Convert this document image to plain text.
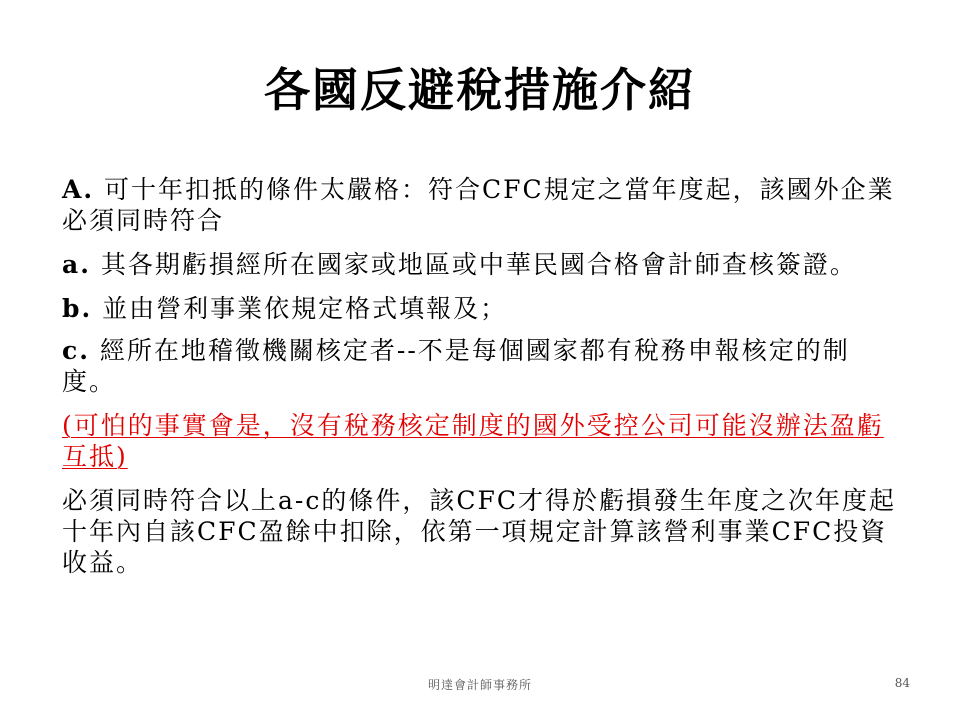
各國反避稅措施介紹

A. 可十年扣抵的條件太嚴格：符合CFC規定之當年度起，該國外企業必須同時符合

a. 其各期虧損經所在國家或地區或中華民國合格會計師查核簽證。

b. 並由營利事業依規定格式填報及；

c. 經所在地稽徵機關核定者--不是每個國家都有稅務申報核定的制度。

(可怕的事實會是，沒有稅務核定制度的國外受控公司可能沒辦法盈虧互抵)

必須同時符合以上a-c的條件，該CFC才得於虧損發生年度之次年度起十年內自該CFC盈餘中扣除，依第一項規定計算該營利事業CFC投資收益。

明達會計師事務所	84
